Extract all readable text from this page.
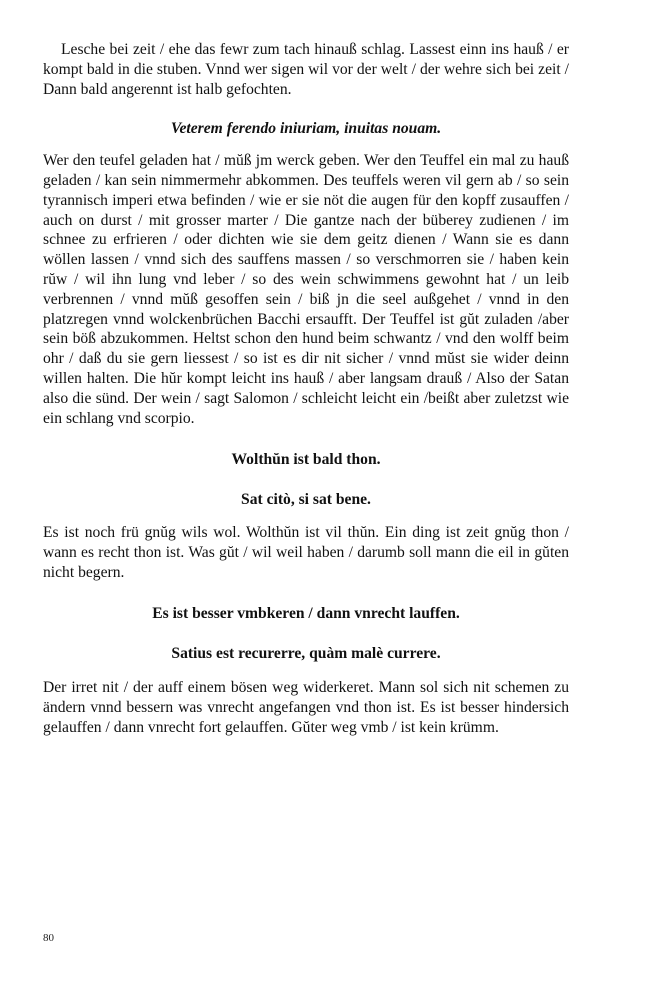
Lesche bei zeit / ehe das fewr zum tach hinauß schlag. Lassest einn ins hauß / er kompt bald in die stuben. Vnnd wer sigen wil vor der welt / der wehre sich bei zeit / Dann bald angerennt ist halb gefochten.

Veterem ferendo iniuriam, inuitas nouam.

Wer den teufel geladen hat / mŭß jm werck geben. Wer den Teuffel ein mal zu hauß geladen / kan sein nimmermehr abkommen. Des teuffels weren vil gern ab / so sein tyrannisch imperi etwa befinden / wie er sie nöt die augen für den kopff zusauffen / auch on durst / mit grosser marter / Die gantze nach der büberey zudienen / im schnee zu erfrieren / oder dichten wie sie dem geitz dienen / Wann sie es dann wöllen lassen / vnnd sich des sauffens massen / so verschmorren sie / haben kein rŭw / wil ihn lung vnd leber / so des wein schwimmens gewohnt hat / un leib verbrennen / vnnd mŭß gesoffen sein / biß jn die seel außgehet / vnnd in den platzregen vnnd wolckenbrüchen Bacchi ersaufft. Der Teuffel ist gŭt zuladen /aber sein böß abzukommen. Heltst schon den hund beim schwantz / vnd den wolff beim ohr / daß du sie gern liessest / so ist es dir nit sicher / vnnd mŭst sie wider deinn willen halten. Die hŭr kompt leicht ins hauß / aber langsam drauß / Also der Satan also die sünd. Der wein / sagt Salomon / schleicht leicht ein /beißt aber zuletzst wie ein schlang vnd scorpio.

Wolthŭn ist bald thon.

Sat citò, si sat bene.

Es ist noch frü gnŭg wils wol. Wolthŭn ist vil thŭn. Ein ding ist zeit gnŭg thon / wann es recht thon ist. Was gŭt / wil weil haben / darumb soll mann die eil in gŭten nicht begern.

Es ist besser vmbkeren / dann vnrecht lauffen.

Satius est recurerre, quàm malè currere.

Der irret nit / der auff einem bösen weg widerkeret. Mann sol sich nit schemen zu ändern vnnd bessern was vnrecht angefangen vnd thon ist. Es ist besser hindersich gelauffen / dann vnrecht fort gelauffen. Gŭter weg vmb / ist kein krümm.

80
